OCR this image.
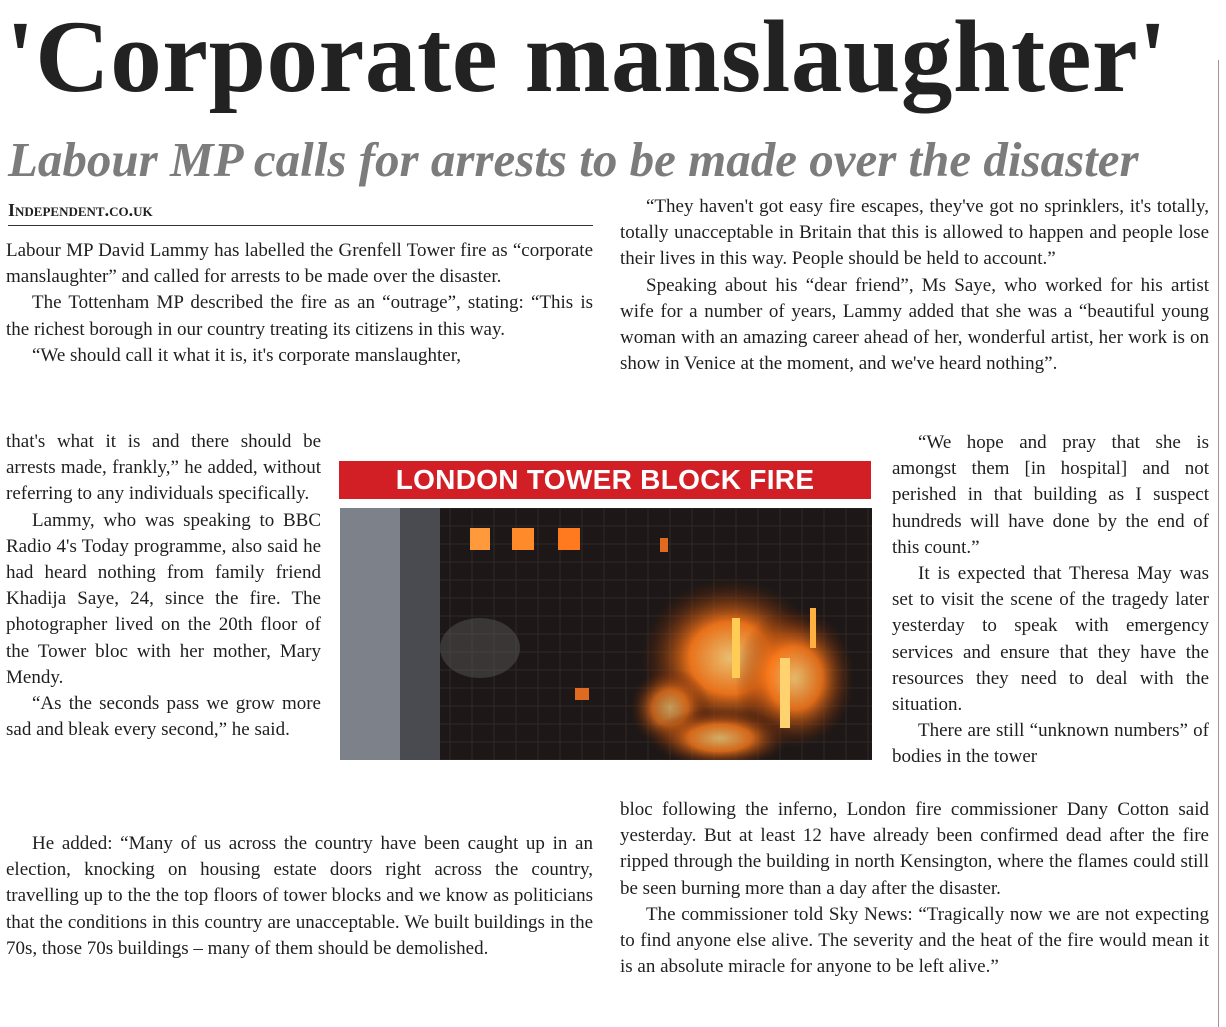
'Corporate manslaughter'
Labour MP calls for arrests to be made over the disaster
Independent.co.uk

Labour MP David Lammy has labelled the Grenfell Tower fire as “corporate manslaughter” and called for arrests to be made over the disaster.

The Tottenham MP described the fire as an “outrage”, stating: “This is the richest borough in our country treating its citizens in this way.

“We should call it what it is, it's corporate manslaughter,

that's what it is and there should be arrests made, frankly,” he added, without referring to any individuals specifically.

Lammy, who was speaking to BBC Radio 4's Today programme, also said he had heard nothing from family friend Khadija Saye, 24, since the fire. The photographer lived on the 20th floor of the Tower bloc with her mother, Mary Mendy.

“As the seconds pass we grow more sad and bleak every second,” he said.

He added: “Many of us across the country have been caught up in an election, knocking on housing estate doors right across the country, travelling up to the the top floors of tower blocks and we know as politicians that the conditions in this country are unacceptable. We built buildings in the 70s, those 70s buildings – many of them should be demolished.

“They haven't got easy fire escapes, they've got no sprinklers, it's totally, totally unacceptable in Britain that this is allowed to happen and people lose their lives in this way. People should be held to account.”

Speaking about his “dear friend”, Ms Saye, who worked for his artist wife for a number of years, Lammy added that she was a “beautiful young woman with an amazing career ahead of her, wonderful artist, her work is on show in Venice at the moment, and we've heard nothing”.

“We hope and pray that she is amongst them [in hospital] and not perished in that building as I suspect hundreds will have done by the end of this count.”

It is expected that Theresa May was set to visit the scene of the tragedy later yesterday to speak with emergency services and ensure that they have the resources they need to deal with the situation.

There are still “unknown numbers” of bodies in the tower

bloc following the inferno, London fire commissioner Dany Cotton said yesterday. But at least 12 have already been confirmed dead after the fire ripped through the building in north Kensington, where the flames could still be seen burning more than a day after the disaster.

The commissioner told Sky News: “Tragically now we are not expecting to find anyone else alive. The severity and the heat of the fire would mean it is an absolute miracle for anyone to be left alive.”

LONDON TOWER BLOCK FIRE
